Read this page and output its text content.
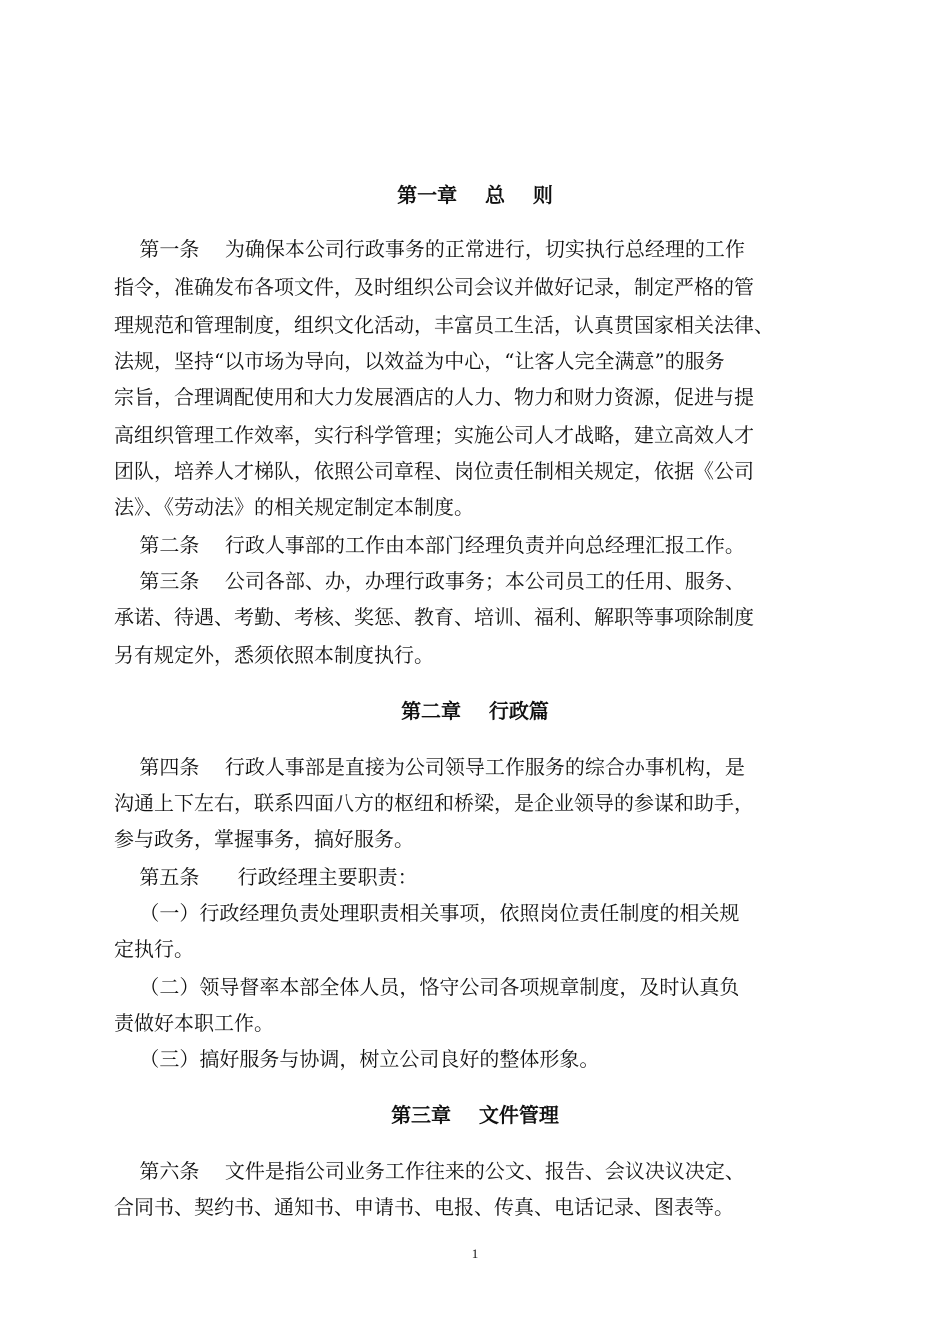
第一章    总    则
第一条    为确保本公司行政事务的正常进行，切实执行总经理的工作
指令，准确发布各项文件，及时组织公司会议并做好记录，制定严格的管
理规范和管理制度，组织文化活动，丰富员工生活，认真贯国家相关法律、
法规，坚持“以市场为导向，以效益为中心，“让客人完全满意”的服务
宗旨，合理调配使用和大力发展酒店的人力、物力和财力资源，促进与提
高组织管理工作效率，实行科学管理；实施公司人才战略，建立高效人才
团队，培养人才梯队，依照公司章程、岗位责任制相关规定，依据《公司
法》、《劳动法》的相关规定制定本制度。
第二条    行政人事部的工作由本部门经理负责并向总经理汇报工作。
第三条    公司各部、办，办理行政事务；本公司员工的任用、服务、
承诺、待遇、考勤、考核、奖惩、教育、培训、福利、解职等事项除制度
另有规定外，悉须依照本制度执行。
第二章    行政篇
第四条    行政人事部是直接为公司领导工作服务的综合办事机构，是
沟通上下左右，联系四面八方的枢纽和桥梁，是企业领导的参谋和助手，
参与政务，掌握事务，搞好服务。
第五条      行政经理主要职责：
（一）行政经理负责处理职责相关事项，依照岗位责任制度的相关规
定执行。
（二）领导督率本部全体人员，恪守公司各项规章制度，及时认真负
责做好本职工作。
（三）搞好服务与协调，树立公司良好的整体形象。
第三章    文件管理
第六条    文件是指公司业务工作往来的公文、报告、会议决议决定、
合同书、契约书、通知书、申请书、电报、传真、电话记录、图表等。
1
